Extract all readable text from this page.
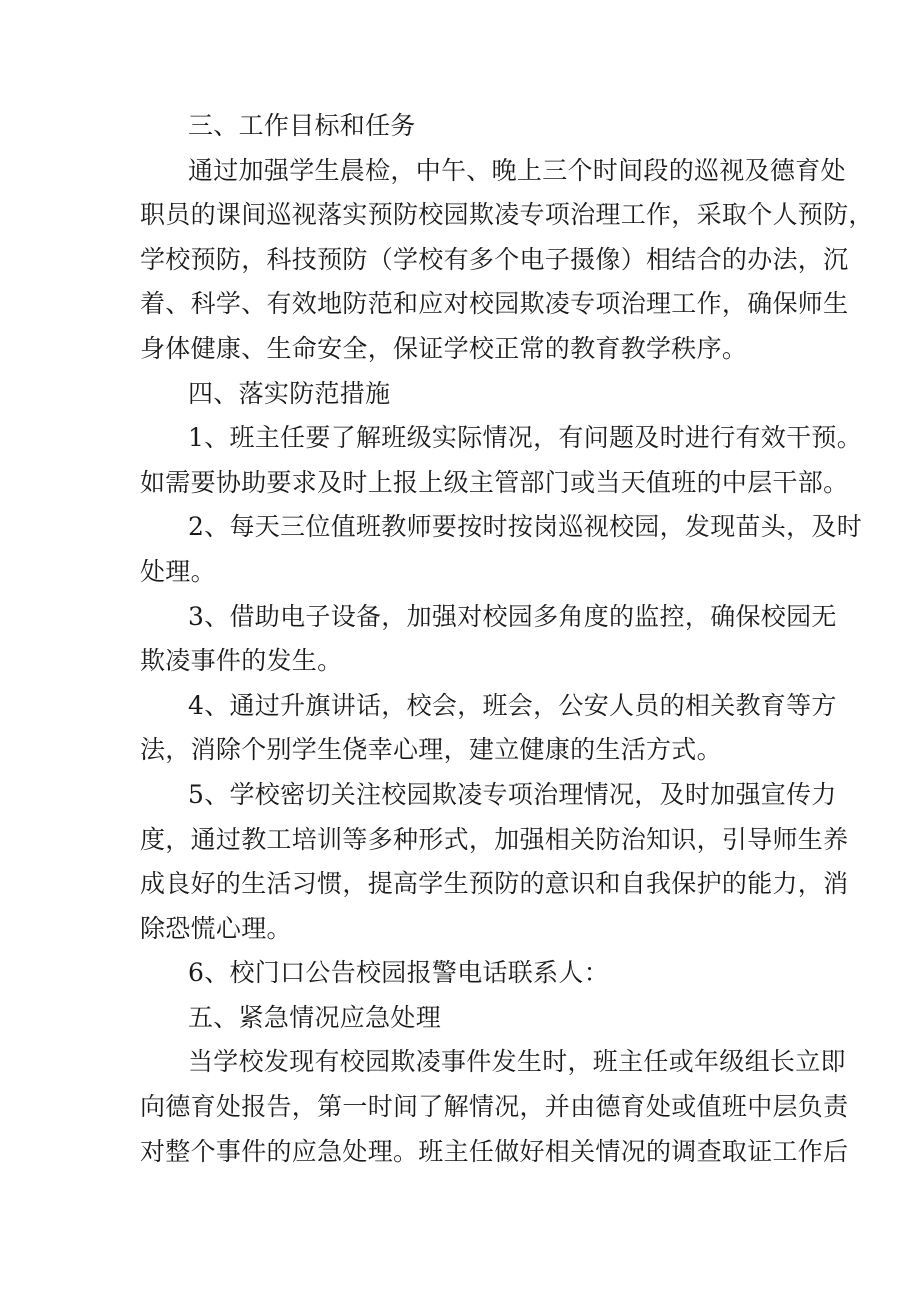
三、工作目标和任务
通过加强学生晨检，中午、晚上三个时间段的巡视及德育处
职员的课间巡视落实预防校园欺凌专项治理工作，采取个人预防，
学校预防，科技预防（学校有多个电子摄像）相结合的办法，沉
着、科学、有效地防范和应对校园欺凌专项治理工作，确保师生
身体健康、生命安全，保证学校正常的教育教学秩序。
四、落实防范措施
1、班主任要了解班级实际情况，有问题及时进行有效干预。
如需要协助要求及时上报上级主管部门或当天值班的中层干部。
2、每天三位值班教师要按时按岗巡视校园，发现苗头，及时
处理。
3、借助电子设备，加强对校园多角度的监控，确保校园无
欺凌事件的发生。
4、通过升旗讲话，校会，班会，公安人员的相关教育等方
法，消除个别学生侥幸心理，建立健康的生活方式。
5、学校密切关注校园欺凌专项治理情况，及时加强宣传力
度，通过教工培训等多种形式，加强相关防治知识，引导师生养
成良好的生活习惯，提高学生预防的意识和自我保护的能力，消
除恐慌心理。
6、校门口公告校园报警电话联系人：
五、紧急情况应急处理
当学校发现有校园欺凌事件发生时，班主任或年级组长立即
向德育处报告，第一时间了解情况，并由德育处或值班中层负责
对整个事件的应急处理。班主任做好相关情况的调查取证工作后
